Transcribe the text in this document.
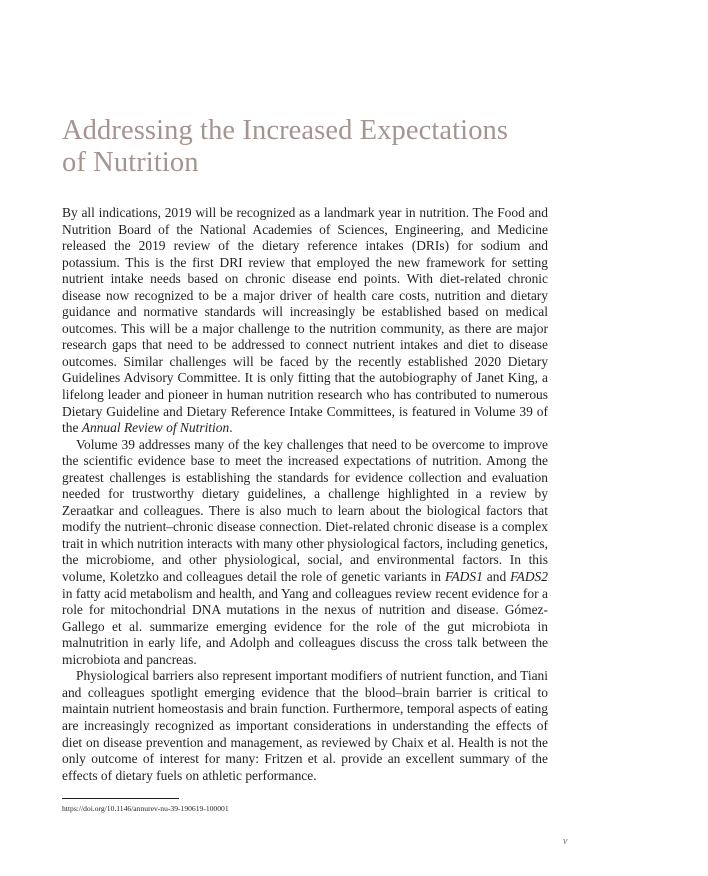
Addressing the Increased Expectations
of Nutrition

By all indications, 2019 will be recognized as a landmark year in nutrition. The Food and Nutrition Board of the National Academies of Sciences, Engineering, and Medicine released the 2019 review of the dietary reference intakes (DRIs) for sodium and potassium. This is the first DRI review that employed the new framework for setting nutrient intake needs based on chronic disease end points. With diet-related chronic disease now recognized to be a major driver of health care costs, nutrition and dietary guidance and normative standards will increasingly be established based on medical outcomes. This will be a major challenge to the nutrition community, as there are major research gaps that need to be addressed to connect nutrient intakes and diet to disease outcomes. Similar challenges will be faced by the recently established 2020 Dietary Guidelines Advisory Committee. It is only fitting that the autobiography of Janet King, a lifelong leader and pioneer in human nutrition research who has contributed to numerous Dietary Guideline and Dietary Reference Intake Committees, is featured in Volume 39 of the Annual Review of Nutrition.

Volume 39 addresses many of the key challenges that need to be overcome to improve the scientific evidence base to meet the increased expectations of nutrition. Among the greatest challenges is establishing the standards for evidence collection and evaluation needed for trustworthy dietary guidelines, a challenge highlighted in a review by Zeraatkar and colleagues. There is also much to learn about the biological factors that modify the nutrient–chronic disease connection. Diet-related chronic disease is a complex trait in which nutrition interacts with many other physiological factors, including genetics, the microbiome, and other physiological, social, and environmental factors. In this volume, Koletzko and colleagues detail the role of genetic variants in FADS1 and FADS2 in fatty acid metabolism and health, and Yang and colleagues review recent evidence for a role for mitochondrial DNA mutations in the nexus of nutrition and disease. Gómez-Gallego et al. summarize emerging evidence for the role of the gut microbiota in malnutrition in early life, and Adolph and colleagues discuss the cross talk between the microbiota and pancreas.

Physiological barriers also represent important modifiers of nutrient function, and Tiani and colleagues spotlight emerging evidence that the blood–brain barrier is critical to maintain nutrient homeostasis and brain function. Furthermore, temporal aspects of eating are increasingly recognized as important considerations in understanding the effects of diet on disease prevention and management, as reviewed by Chaix et al. Health is not the only outcome of interest for many: Fritzen et al. provide an excellent summary of the effects of dietary fuels on athletic performance.

https://doi.org/10.1146/annurev-nu-39-190619-100001
v
